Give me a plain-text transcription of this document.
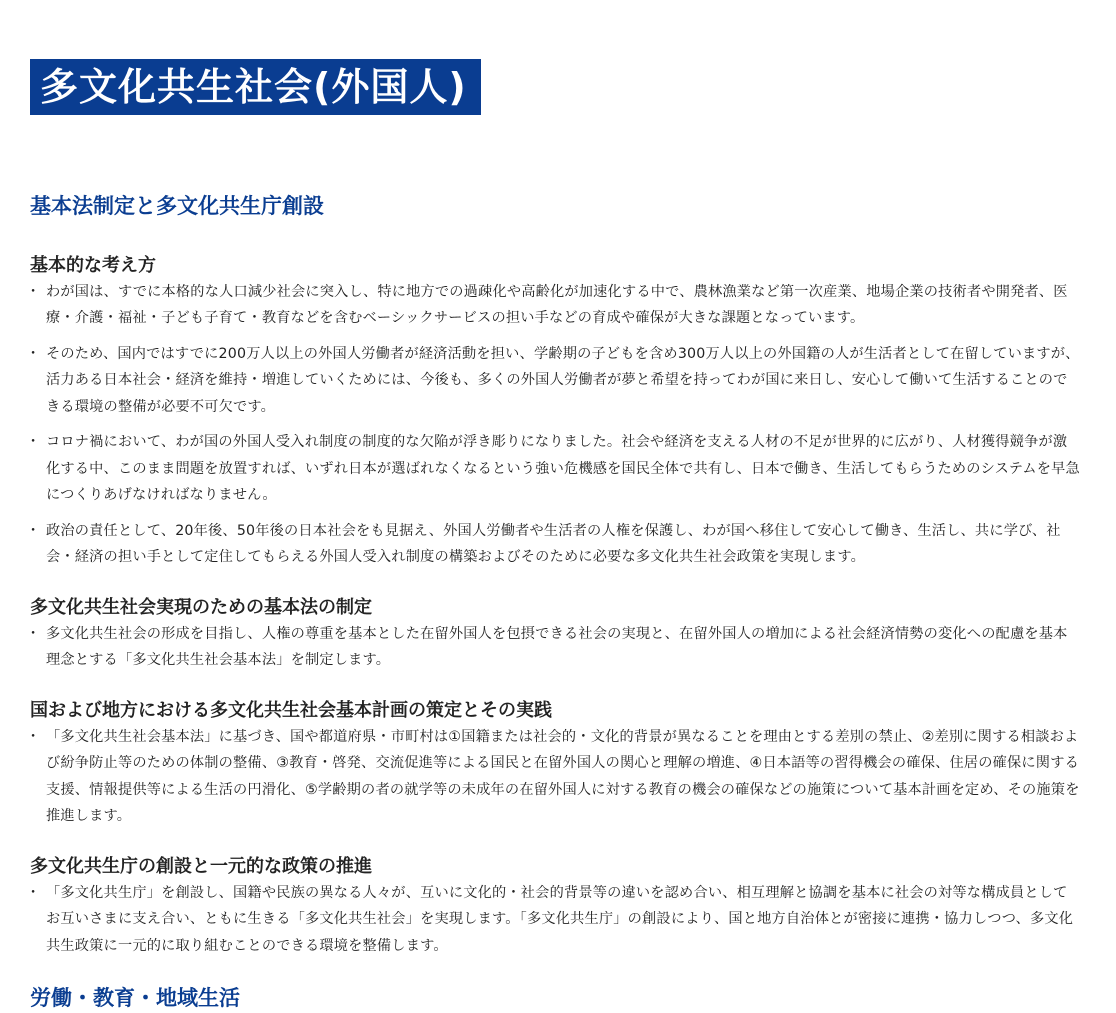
多文化共生社会(外国人)
基本法制定と多文化共生庁創設
基本的な考え方
・ わが国は、すでに本格的な人口減少社会に突入し、特に地方での過疎化や高齢化が加速化する中で、農林漁業など第一次産業、地場企業の技術者や開発者、医療・介護・福祉・子ども子育て・教育などを含むベーシックサービスの担い手などの育成や確保が大きな課題となっています。
・ そのため、国内ではすでに200万人以上の外国人労働者が経済活動を担い、学齢期の子どもを含め300万人以上の外国籍の人が生活者として在留していますが、活力ある日本社会・経済を維持・増進していくためには、今後も、多くの外国人労働者が夢と希望を持ってわが国に来日し、安心して働いて生活することのできる環境の整備が必要不可欠です。
・ コロナ禍において、わが国の外国人受入れ制度の制度的な欠陥が浮き彫りになりました。社会や経済を支える人材の不足が世界的に広がり、人材獲得競争が激化する中、このまま問題を放置すれば、いずれ日本が選ばれなくなるという強い危機感を国民全体で共有し、日本で働き、生活してもらうためのシステムを早急につくりあげなければなりません。
・ 政治の責任として、20年後、50年後の日本社会をも見据え、外国人労働者や生活者の人権を保護し、わが国へ移住して安心して働き、生活し、共に学び、社会・経済の担い手として定住してもらえる外国人受入れ制度の構築およびそのために必要な多文化共生社会政策を実現します。
多文化共生社会実現のための基本法の制定
・ 多文化共生社会の形成を目指し、人権の尊重を基本とした在留外国人を包摂できる社会の実現と、在留外国人の増加による社会経済情勢の変化への配慮を基本理念とする「多文化共生社会基本法」を制定します。
国および地方における多文化共生社会基本計画の策定とその実践
・ 「多文化共生社会基本法」に基づき、国や都道府県・市町村は①国籍または社会的・文化的背景が異なることを理由とする差別の禁止、②差別に関する相談および紛争防止等のための体制の整備、③教育・啓発、交流促進等による国民と在留外国人の関心と理解の増進、④日本語等の習得機会の確保、住居の確保に関する支援、情報提供等による生活の円滑化、⑤学齢期の者の就学等の未成年の在留外国人に対する教育の機会の確保などの施策について基本計画を定め、その施策を推進します。
多文化共生庁の創設と一元的な政策の推進
・ 「多文化共生庁」を創設し、国籍や民族の異なる人々が、互いに文化的・社会的背景等の違いを認め合い、相互理解と協調を基本に社会の対等な構成員としてお互いさまに支え合い、ともに生きる「多文化共生社会」を実現します。「多文化共生庁」の創設により、国と地方自治体とが密接に連携・協力しつつ、多文化共生政策に一元的に取り組むことのできる環境を整備します。
労働・教育・地域生活
